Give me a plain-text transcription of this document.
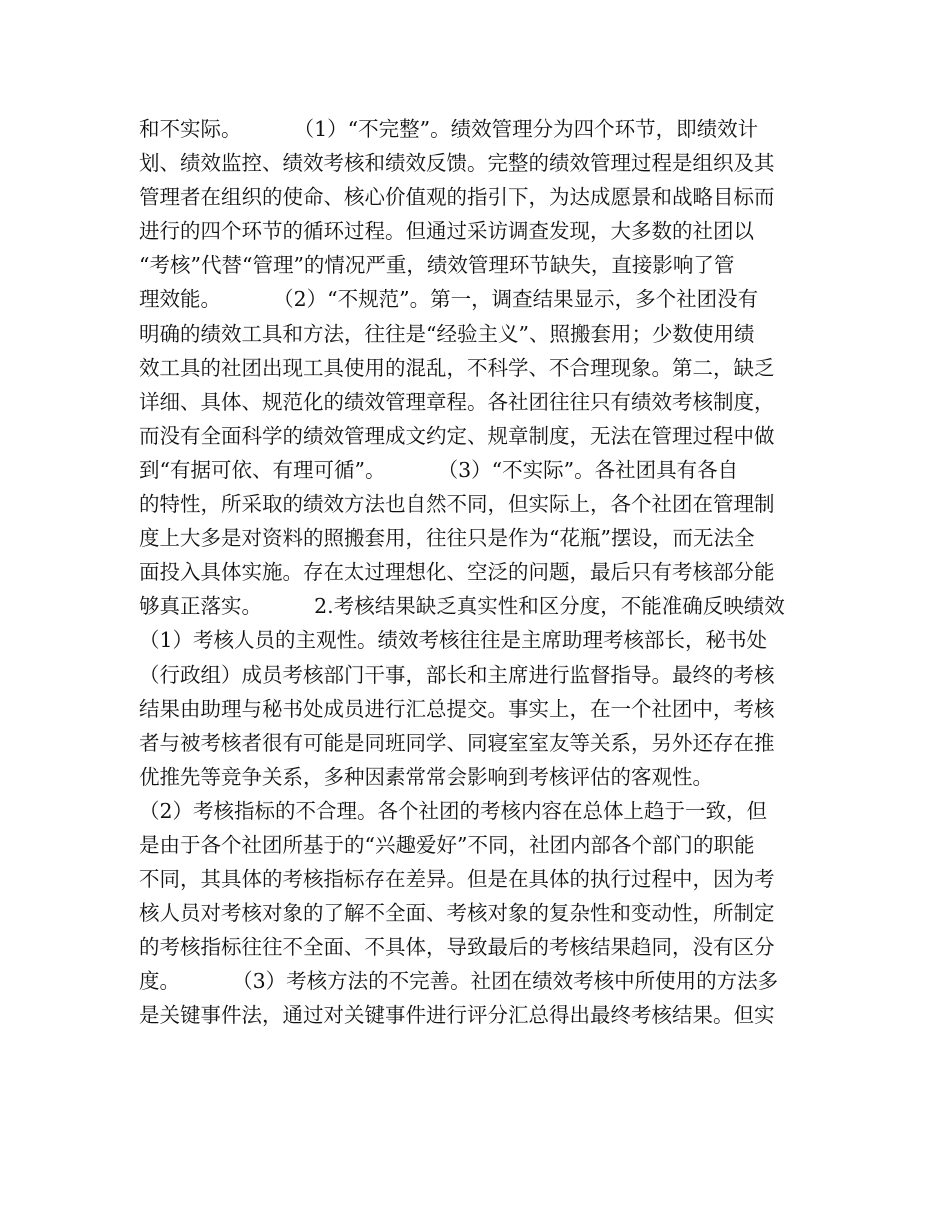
和不实际。        （1）“不完整”。绩效管理分为四个环节，即绩效计
划、绩效监控、绩效考核和绩效反馈。完整的绩效管理过程是组织及其
管理者在组织的使命、核心价值观的指引下，为达成愿景和战略目标而
进行的四个环节的循环过程。但通过采访调查发现，大多数的社团以
“考核”代替“管理”的情况严重，绩效管理环节缺失，直接影响了管
理效能。        （2）“不规范”。第一，调查结果显示，多个社团没有
明确的绩效工具和方法，往往是“经验主义”、照搬套用；少数使用绩
效工具的社团出现工具使用的混乱，不科学、不合理现象。第二，缺乏
详细、具体、规范化的绩效管理章程。各社团往往只有绩效考核制度，
而没有全面科学的绩效管理成文约定、规章制度，无法在管理过程中做
到“有据可依、有理可循”。        （3）“不实际”。各社团具有各自
的特性，所采取的绩效方法也自然不同，但实际上，各个社团在管理制
度上大多是对资料的照搬套用，往往只是作为“花瓶”摆设，而无法全
面投入具体实施。存在太过理想化、空泛的问题，最后只有考核部分能
够真正落实。        2.考核结果缺乏真实性和区分度，不能准确反映绩效
（1）考核人员的主观性。绩效考核往往是主席助理考核部长，秘书处
（行政组）成员考核部门干事，部长和主席进行监督指导。最终的考核
结果由助理与秘书处成员进行汇总提交。事实上，在一个社团中，考核
者与被考核者很有可能是同班同学、同寝室室友等关系，另外还存在推
优推先等竞争关系，多种因素常常会影响到考核评估的客观性。
（2）考核指标的不合理。各个社团的考核内容在总体上趋于一致，但
是由于各个社团所基于的“兴趣爱好”不同，社团内部各个部门的职能
不同，其具体的考核指标存在差异。但是在具体的执行过程中，因为考
核人员对考核对象的了解不全面、考核对象的复杂性和变动性，所制定
的考核指标往往不全面、不具体，导致最后的考核结果趋同，没有区分
度。        （3）考核方法的不完善。社团在绩效考核中所使用的方法多
是关键事件法，通过对关键事件进行评分汇总得出最终考核结果。但实
